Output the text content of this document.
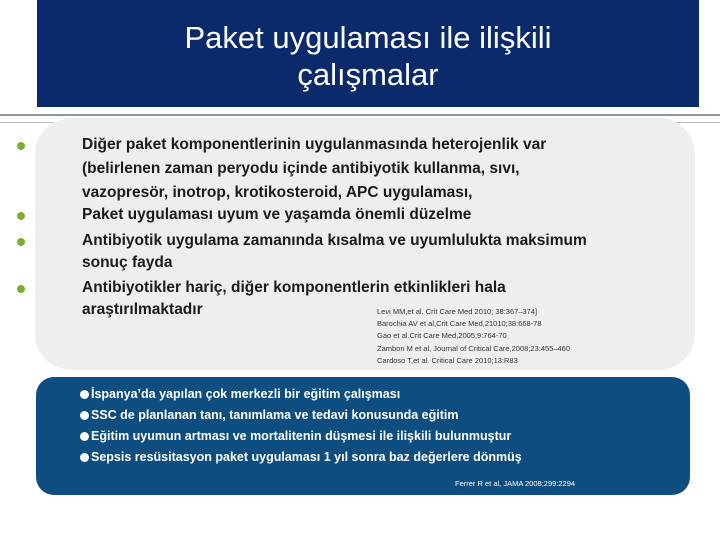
Paket uygulaması ile ilişkili
çalışmalar
Diğer paket komponentlerinin uygulanmasında heterojenlik var
(belirlenen zaman peryodu içinde antibiyotik kullanma, sıvı,
vazopresör, inotrop, krotikosteroid, APC uygulaması,
Paket uygulaması uyum ve yaşamda önemli düzelme
Antibiyotik uygulama zamanında kısalma ve uyumlulukta maksimum
sonuç fayda
Antibiyotikler hariç, diğer komponentlerin etkinlikleri hala
araştırılmaktadır	Levi MM,et al. Crit Care Med 2010; 38:367–374]
Barochia AV et al,Crit Care Med,21010;38:668-78
Gao et al.Crit Care Med,2005;9:764-70
Zambon M et al, Journal of Critical Care,2008;23:455–460
Cardoso T,et al. Critical Care 2010;13:R83
İspanya’da yapılan çok merkezli bir eğitim çalışması
SSC de planlanan tanı, tanımlama ve tedavi konusunda eğitim
Eğitim uyumun artması ve mortalitenin düşmesi ile ilişkili bulunmuştur
Sepsis resüsitasyon paket uygulaması 1 yıl sonra baz değerlere dönmüş
Ferrer R et al, JAMA 2008;299:2294
